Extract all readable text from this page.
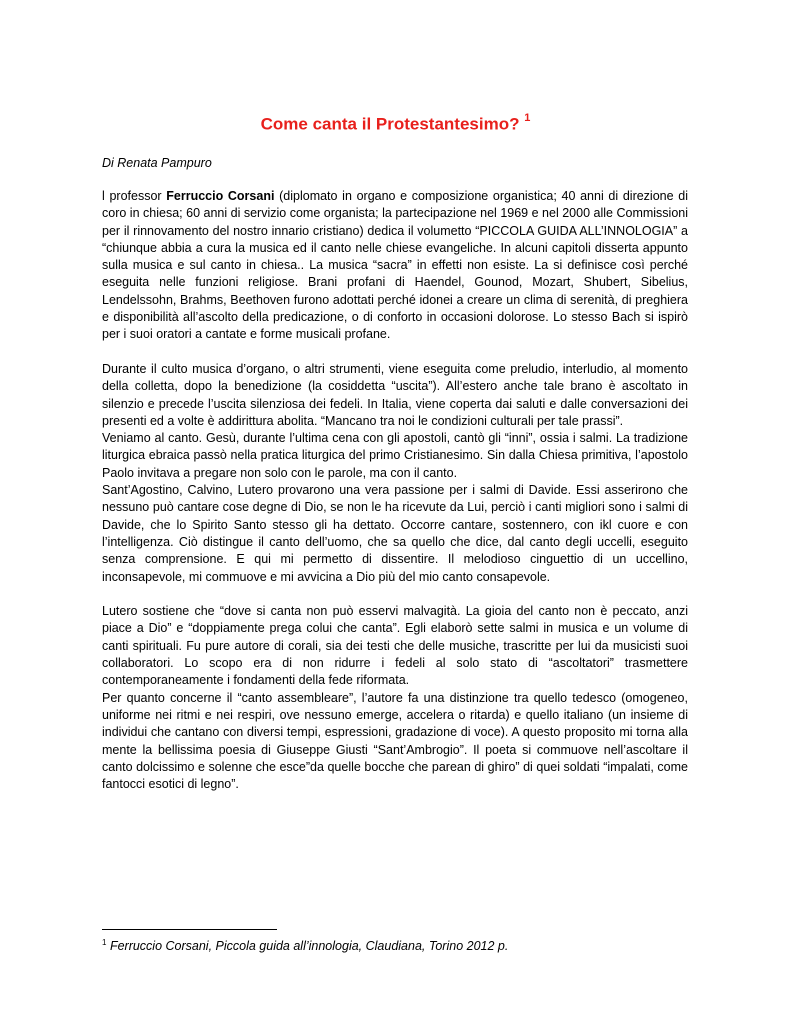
Come canta il Protestantesimo? $^1$
Di Renata Pampuro

l professor Ferruccio Corsani (diplomato in organo e composizione organistica; 40 anni di direzione di coro in chiesa; 60 anni di servizio come organista; la partecipazione nel 1969 e nel 2000 alle Commissioni per il rinnovamento del nostro innario cristiano) dedica il volumetto “PICCOLA GUIDA ALL’INNOLOGIA” a “chiunque abbia a cura la musica ed il canto nelle chiese evangeliche. In alcuni capitoli disserta appunto sulla musica e sul canto in chiesa.. La musica “sacra” in effetti non esiste. La si definisce così perché eseguita nelle funzioni religiose. Brani profani di Haendel, Gounod, Mozart, Shubert, Sibelius, Lendelssohn, Brahms, Beethoven furono adottati perché idonei a creare un clima di serenità, di preghiera e disponibilità all’ascolto della predicazione, o di conforto in occasioni dolorose. Lo stesso Bach si ispirò per i suoi oratori a cantate e forme musicali profane.

Durante il culto musica d’organo, o altri strumenti, viene eseguita come preludio, interludio, al momento della colletta, dopo la benedizione (la cosiddetta “uscita”). All’estero anche tale brano è ascoltato in silenzio e precede l’uscita silenziosa dei fedeli. In Italia, viene coperta dai saluti e dalle conversazioni dei presenti ed a volte è addirittura abolita. “Mancano tra noi le condizioni culturali per tale prassi”.

Veniamo al canto. Gesù, durante l’ultima cena con gli apostoli, cantò gli “inni”, ossia i salmi. La tradizione liturgica ebraica passò nella pratica liturgica del primo Cristianesimo. Sin dalla Chiesa primitiva, l’apostolo Paolo invitava a pregare non solo con le parole, ma con il canto.

Sant’Agostino, Calvino, Lutero provarono una vera passione per i salmi di Davide. Essi asserirono che nessuno può cantare cose degne di Dio, se non le ha ricevute da Lui, perciò i canti migliori sono i salmi di Davide, che lo Spirito Santo stesso gli ha dettato. Occorre cantare, sostennero, con ikl cuore e con l’intelligenza. Ciò distingue il canto dell’uomo, che sa quello che dice, dal canto degli uccelli, eseguito senza comprensione. E qui mi permetto di dissentire. Il melodioso cinguettio di un uccellino, inconsapevole, mi commuove e mi avvicina a Dio più del mio canto consapevole.

Lutero sostiene che “dove si canta non può esservi malvagità. La gioia del canto non è peccato, anzi piace a Dio” e “doppiamente prega colui che canta”. Egli elaborò sette salmi in musica e un volume di canti spirituali. Fu pure autore di corali, sia dei testi che delle musiche, trascritte per lui da musicisti suoi collaboratori. Lo scopo era di non ridurre i fedeli al solo stato di “ascoltatori” trasmettere contemporaneamente i fondamenti della fede riformata.

Per quanto concerne il “canto assembleare”, l’autore fa una distinzione tra quello tedesco (omogeneo, uniforme nei ritmi e nei respiri, ove nessuno emerge, accelera o ritarda) e quello italiano (un insieme di individui che cantano con diversi tempi, espressioni, gradazione di voce). A questo proposito mi torna alla mente la bellissima poesia di Giuseppe Giusti “Sant’Ambrogio”. Il poeta si commuove nell’ascoltare il canto dolcissimo e solenne che esce”da quelle bocche che parean di ghiro” di quei soldati “impalati, come fantocci esotici di legno”.

$^1$ Ferruccio Corsani, Piccola guida all’innologia, Claudiana, Torino 2012 p.
